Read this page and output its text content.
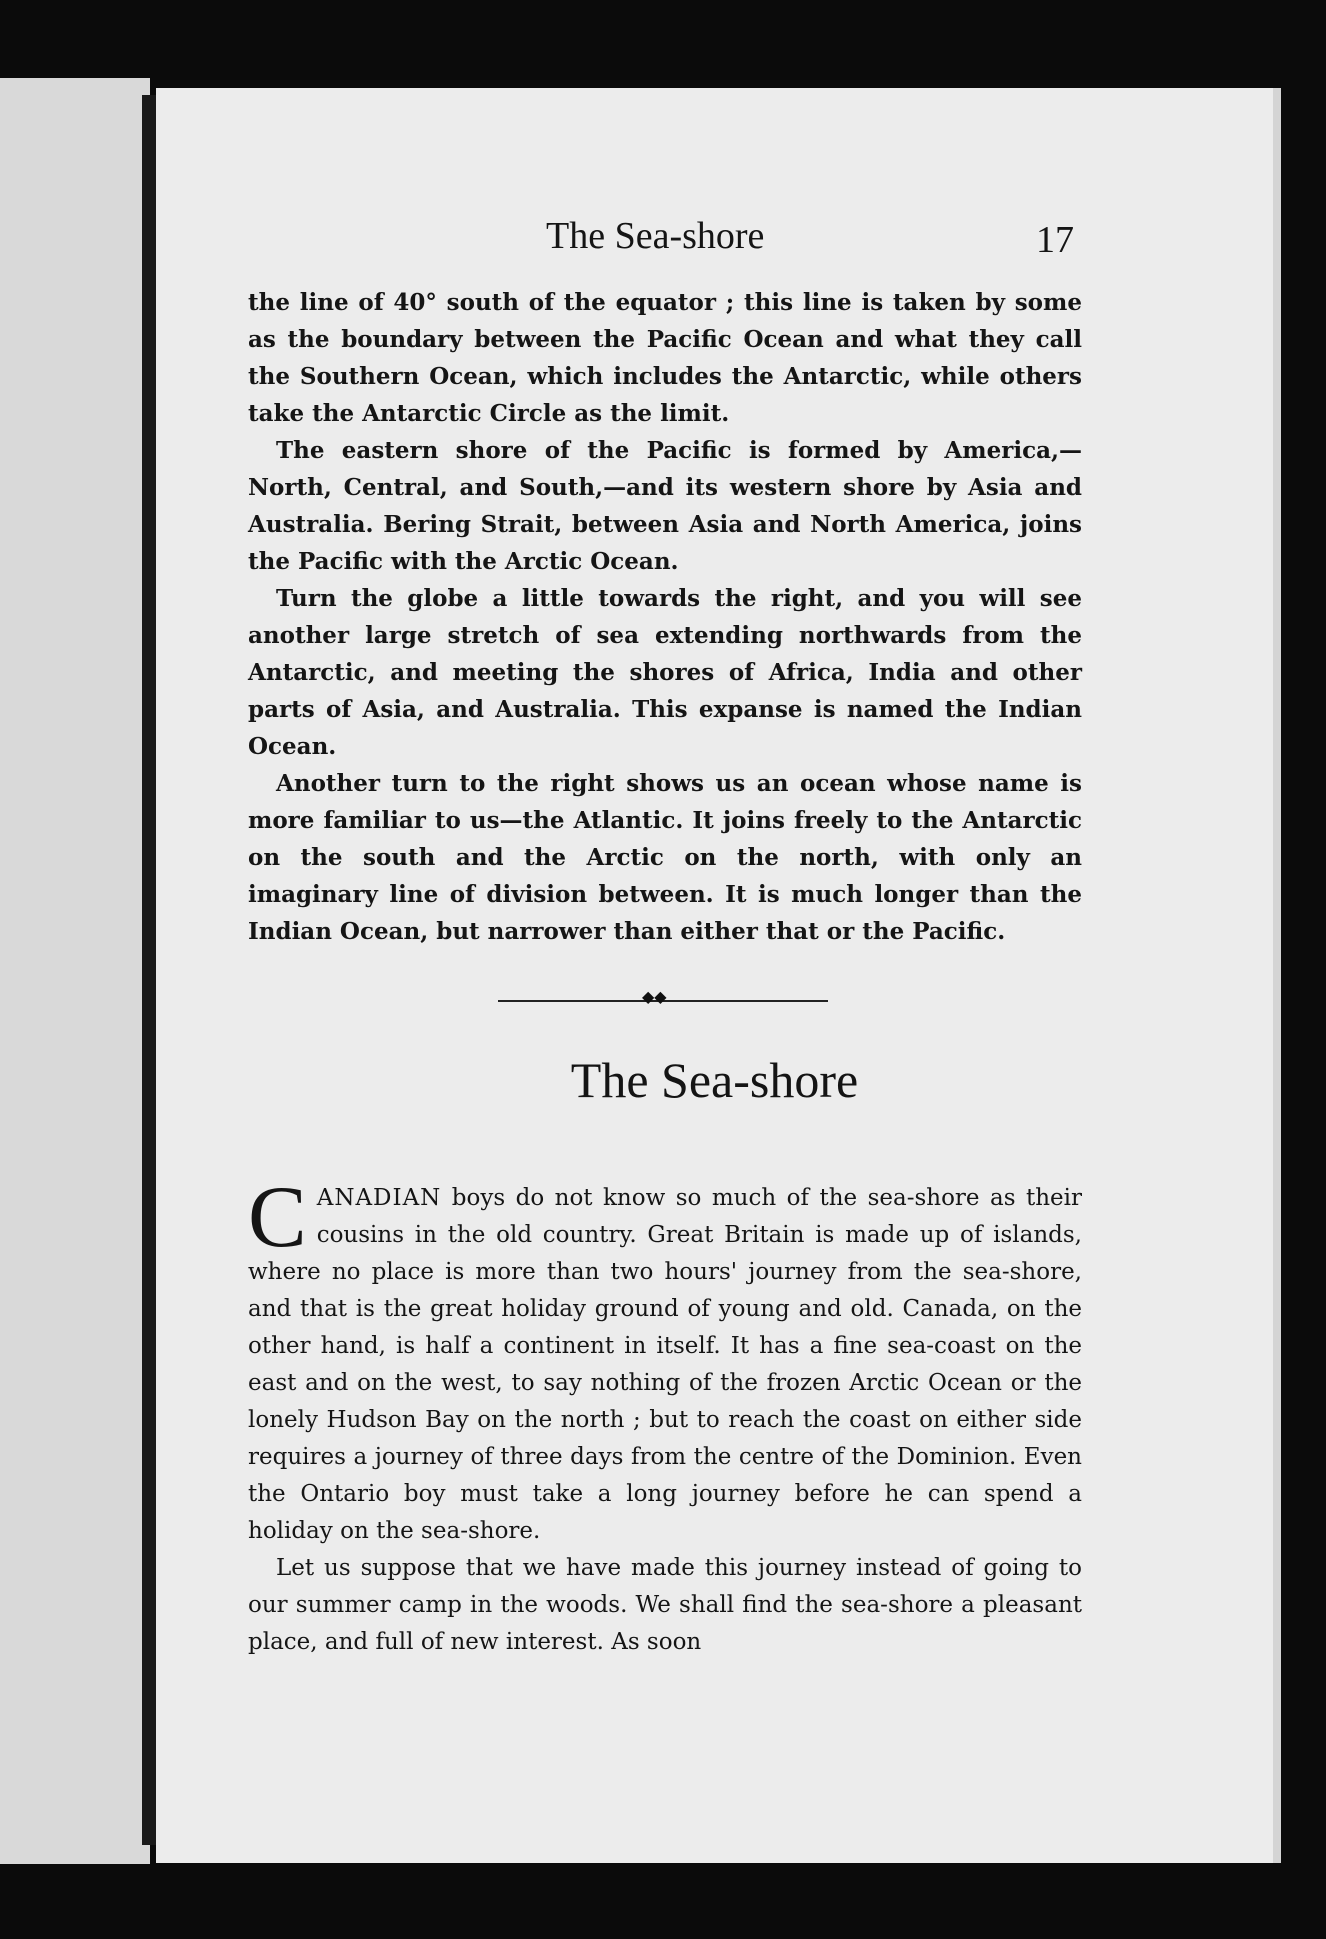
The Sea-shore	17

the line of 40° south of the equator ; this line is taken by some as the boundary between the Pacific Ocean and what they call the Southern Ocean, which includes the Antarctic, while others take the Antarctic Circle as the limit.

The eastern shore of the Pacific is formed by America,—North, Central, and South,—and its western shore by Asia and Australia. Bering Strait, between Asia and North America, joins the Pacific with the Arctic Ocean.

Turn the globe a little towards the right, and you will see another large stretch of sea extending northwards from the Antarctic, and meeting the shores of Africa, India and other parts of Asia, and Australia. This expanse is named the Indian Ocean.

Another turn to the right shows us an ocean whose name is more familiar to us—the Atlantic. It joins freely to the Antarctic on the south and the Arctic on the north, with only an imaginary line of division between. It is much longer than the Indian Ocean, but narrower than either that or the Pacific.

◆◆
The Sea-shore

CANADIAN boys do not know so much of the sea-shore as their cousins in the old country. Great Britain is made up of islands, where no place is more than two hours' journey from the sea-shore, and that is the great holiday ground of young and old. Canada, on the other hand, is half a continent in itself. It has a fine sea-coast on the east and on the west, to say nothing of the frozen Arctic Ocean or the lonely Hudson Bay on the north ; but to reach the coast on either side requires a journey of three days from the centre of the Dominion. Even the Ontario boy must take a long journey before he can spend a holiday on the sea-shore.

Let us suppose that we have made this journey instead of going to our summer camp in the woods. We shall find the sea-shore a pleasant place, and full of new interest. As soon
